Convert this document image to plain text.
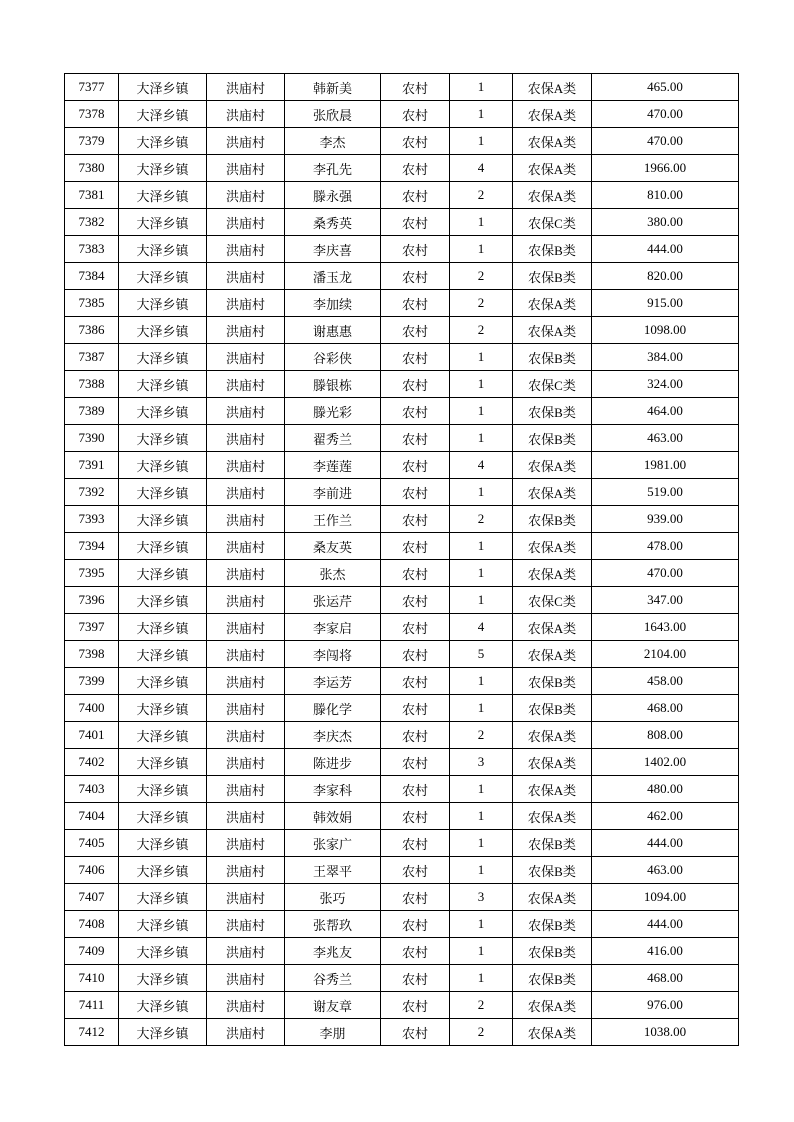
7377	大泽乡镇	洪庙村	韩新美	农村	1	农保A类	465.00
7378	大泽乡镇	洪庙村	张欣晨	农村	1	农保A类	470.00
7379	大泽乡镇	洪庙村	李杰	农村	1	农保A类	470.00
7380	大泽乡镇	洪庙村	李孔先	农村	4	农保A类	1966.00
7381	大泽乡镇	洪庙村	滕永强	农村	2	农保A类	810.00
7382	大泽乡镇	洪庙村	桑秀英	农村	1	农保C类	380.00
7383	大泽乡镇	洪庙村	李庆喜	农村	1	农保B类	444.00
7384	大泽乡镇	洪庙村	潘玉龙	农村	2	农保B类	820.00
7385	大泽乡镇	洪庙村	李加续	农村	2	农保A类	915.00
7386	大泽乡镇	洪庙村	谢惠惠	农村	2	农保A类	1098.00
7387	大泽乡镇	洪庙村	谷彩侠	农村	1	农保B类	384.00
7388	大泽乡镇	洪庙村	滕银栋	农村	1	农保C类	324.00
7389	大泽乡镇	洪庙村	滕光彩	农村	1	农保B类	464.00
7390	大泽乡镇	洪庙村	翟秀兰	农村	1	农保B类	463.00
7391	大泽乡镇	洪庙村	李莲莲	农村	4	农保A类	1981.00
7392	大泽乡镇	洪庙村	李前进	农村	1	农保A类	519.00
7393	大泽乡镇	洪庙村	王作兰	农村	2	农保B类	939.00
7394	大泽乡镇	洪庙村	桑友英	农村	1	农保A类	478.00
7395	大泽乡镇	洪庙村	张杰	农村	1	农保A类	470.00
7396	大泽乡镇	洪庙村	张运芹	农村	1	农保C类	347.00
7397	大泽乡镇	洪庙村	李家启	农村	4	农保A类	1643.00
7398	大泽乡镇	洪庙村	李闯将	农村	5	农保A类	2104.00
7399	大泽乡镇	洪庙村	李运芳	农村	1	农保B类	458.00
7400	大泽乡镇	洪庙村	滕化学	农村	1	农保B类	468.00
7401	大泽乡镇	洪庙村	李庆杰	农村	2	农保A类	808.00
7402	大泽乡镇	洪庙村	陈进步	农村	3	农保A类	1402.00
7403	大泽乡镇	洪庙村	李家科	农村	1	农保A类	480.00
7404	大泽乡镇	洪庙村	韩效娟	农村	1	农保A类	462.00
7405	大泽乡镇	洪庙村	张家广	农村	1	农保B类	444.00
7406	大泽乡镇	洪庙村	王翠平	农村	1	农保B类	463.00
7407	大泽乡镇	洪庙村	张巧	农村	3	农保A类	1094.00
7408	大泽乡镇	洪庙村	张帮玖	农村	1	农保B类	444.00
7409	大泽乡镇	洪庙村	李兆友	农村	1	农保B类	416.00
7410	大泽乡镇	洪庙村	谷秀兰	农村	1	农保B类	468.00
7411	大泽乡镇	洪庙村	谢友章	农村	2	农保A类	976.00
7412	大泽乡镇	洪庙村	李朋	农村	2	农保A类	1038.00
